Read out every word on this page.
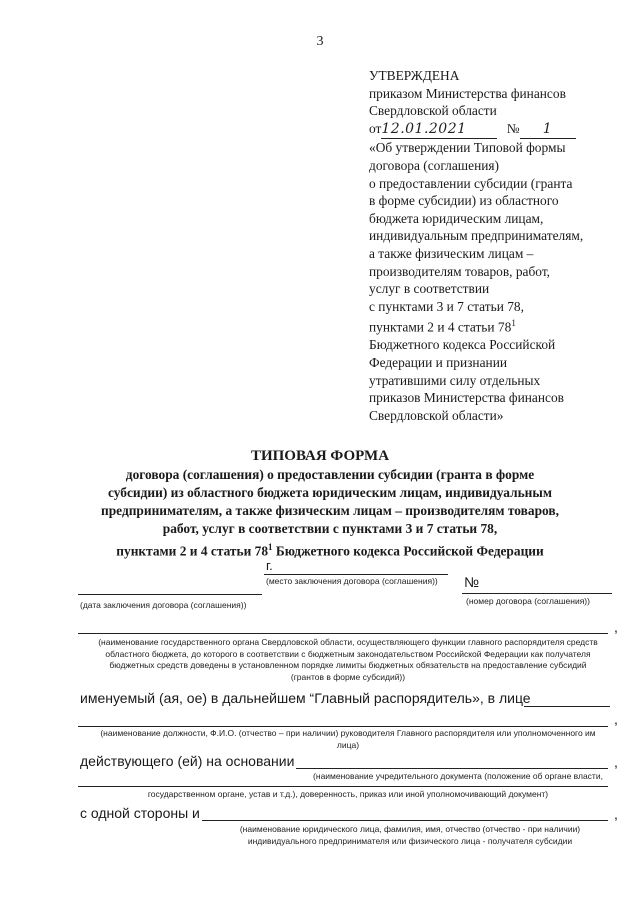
3
УТВЕРЖДЕНА
приказом Министерства финансов
Свердловской области
от12.01.2021	№ 1
«Об утверждении Типовой формы
договора (соглашения)
о предоставлении субсидии (гранта
в форме субсидии) из областного
бюджета юридическим лицам,
индивидуальным предпринимателям,
а также физическим лицам –
производителям товаров, работ,
услуг в соответствии
с пунктами 3 и 7 статьи 78,
пунктами 2 и 4 статьи $78^1$
Бюджетного кодекса Российской
Федерации и признании
утратившими силу отдельных
приказов Министерства финансов
Свердловской области»
ТИПОВАЯ ФОРМА
договора (соглашения) о предоставлении субсидии (гранта в форме
субсидии) из областного бюджета юридическим лицам, индивидуальным
предпринимателям, а также физическим лицам – производителям товаров,
работ, услуг в соответствии с пунктами 3 и 7 статьи 78,
пунктами 2 и 4 статьи $78^1$ Бюджетного кодекса Российской Федерации
г.
(место заключения договора (соглашения)) №
(дата заключения договора (соглашения))	(номер договора (соглашения))
,
(наименование государственного органа Свердловской области, осуществляющего функции главного распорядителя средств
областного бюджета, до которого в соответствии с бюджетным законодательством Российской Федерации как получателя
бюджетных средств доведены в установленном порядке лимиты бюджетных обязательств на предоставление субсидий
(грантов в форме субсидий))
именуемый (ая, ое) в дальнейшем “Главный распорядитель», в лице
,
(наименование должности, Ф.И.О. (отчество – при наличии) руководителя Главного распорядителя или уполномоченного им
лица)
действующего (ей) на основании	,
(наименование учредительного документа (положение об органе власти,
государственном органе, устав и т.д.), доверенность, приказ или иной уполномочивающий документ)
с одной стороны и	,
(наименование юридического лица, фамилия, имя, отчество (отчество - при наличии)
индивидуального предпринимателя или физического лица - получателя субсидии
